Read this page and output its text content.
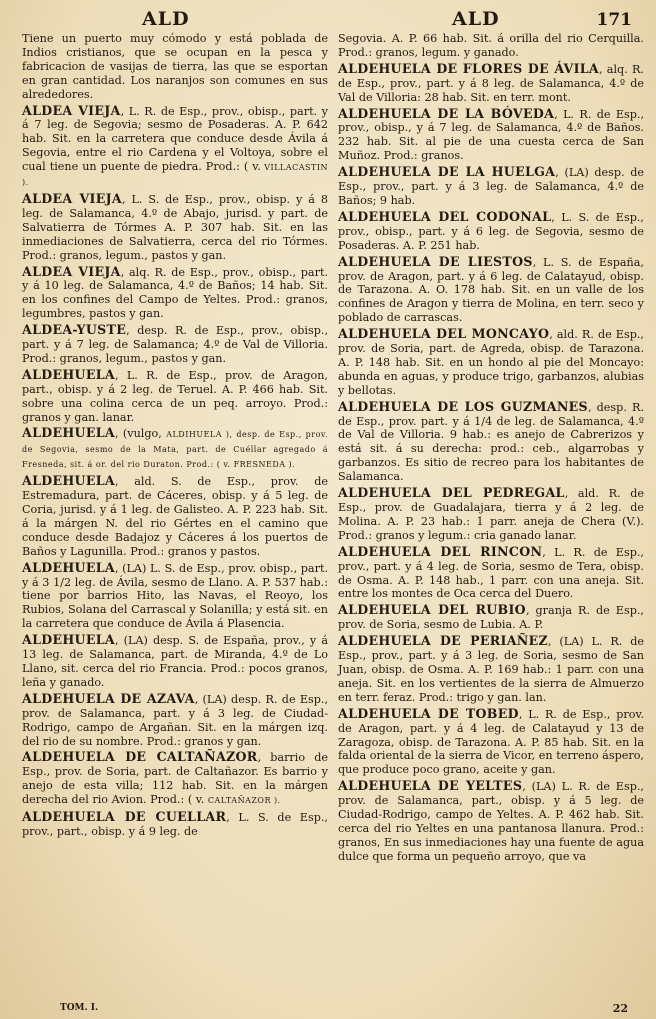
ALD	ALD	171

Tiene un puerto muy cómodo y está poblada de Indios cristianos, que se ocupan en la pesca y fabricacion de vasijas de tierra, las que se esportan en gran cantidad. Los naranjos son comunes en sus alrededores.

ALDEA VIEJA, L. R. de Esp., prov., obisp., part. y á 7 leg. de Segovia; sesmo de Posaderas. A. P. 642 hab. Sit. en la carretera que conduce desde Ávila á Segovia, entre el rio Cardena y el Voltoya, sobre el cual tiene un puente de piedra. Prod.: ( v. VILLACASTIN ).

ALDEA VIEJA, L. S. de Esp., prov., obisp. y á 8 leg. de Salamanca, 4.º de Abajo, jurisd. y part. de Salvatierra de Tórmes A. P. 307 hab. Sit. en las inmediaciones de Salvatierra, cerca del rio Tórmes. Prod.: granos, legum., pastos y gan.

ALDEA VIEJA, alq. R. de Esp., prov., obisp., part. y á 10 leg. de Salamanca, 4.º de Baños; 14 hab. Sit. en los confines del Campo de Yeltes. Prod.: granos, legumbres, pastos y gan.

ALDEA-YUSTE, desp. R. de Esp., prov., obisp., part. y á 7 leg. de Salamanca; 4.º de Val de Villoria. Prod.: granos, legum., pastos y gan.

ALDEHUELA, L. R. de Esp., prov. de Aragon, part., obisp. y á 2 leg. de Teruel. A. P. 466 hab. Sit. sobre una colina cerca de un peq. arroyo. Prod.: granos y gan. lanar.

ALDEHUELA, (vulgo, ALDIHUELA ), desp. de Esp., prov. de Segovia, sesmo de la Mata, part. de Cuéllar agregado á Fresneda, sit. á or. del rio Duraton. Prod.: ( v. FRESNEDA ).

ALDEHUELA, ald. S. de Esp., prov. de Estremadura, part. de Cáceres, obisp. y á 5 leg. de Coria, jurisd. y á 1 leg. de Galisteo. A. P. 223 hab. Sit. á la márgen N. del rio Gértes en el camino que conduce desde Badajoz y Cáceres á los puertos de Baños y Lagunilla. Prod.: granos y pastos.

ALDEHUELA, (LA) L. S. de Esp., prov. obisp., part. y á 3 1/2 leg. de Ávila, sesmo de Llano. A. P. 537 hab.: tiene por barrios Hito, las Navas, el Reoyo, los Rubios, Solana del Carrascal y Solanilla; y está sit. en la carretera que conduce de Ávila á Plasencia.

ALDEHUELA, (LA) desp. S. de España, prov., y á 13 leg. de Salamanca, part. de Miranda, 4.º de Lo Llano, sit. cerca del rio Francia. Prod.: pocos granos, leña y ganado.

ALDEHUELA DE AZAVA, (LA) desp. R. de Esp., prov. de Salamanca, part. y á 3 leg. de Ciudad-Rodrigo, campo de Argañan. Sit. en la márgen izq. del rio de su nombre. Prod.: granos y gan.

ALDEHUELA DE CALTAÑAZOR, barrio de Esp., prov. de Soria, part. de Caltañazor. Es barrio y anejo de esta villa; 112 hab. Sit. en la márgen derecha del rio Avion. Prod.: ( v. CALTAÑAZOR ).

ALDEHUELA DE CUELLAR, L. S. de Esp., prov., part., obisp. y á 9 leg. de

Segovia. A. P. 66 hab. Sit. á orilla del rio Cerquilla. Prod.: granos, legum. y ganado.

ALDEHUELA DE FLORES DE ÁVILA, alq. R. de Esp., prov., part. y á 8 leg. de Salamanca, 4.º de Val de Villoria: 28 hab. Sit. en terr. mont.

ALDEHUELA DE LA BÓVEDA, L. R. de Esp., prov., obisp., y á 7 leg. de Salamanca, 4.º de Baños. 232 hab. Sit. al pie de una cuesta cerca de San Muñoz. Prod.: granos.

ALDEHUELA DE LA HUELGA, (LA) desp. de Esp., prov., part. y á 3 leg. de Salamanca, 4.º de Baños; 9 hab.

ALDEHUELA DEL CODONAL, L. S. de Esp., prov., obisp., part. y á 6 leg. de Segovia, sesmo de Posaderas. A. P. 251 hab.

ALDEHUELA DE LIESTOS, L. S. de España, prov. de Aragon, part. y á 6 leg. de Calatayud, obisp. de Tarazona. A. O. 178 hab. Sit. en un valle de los confines de Aragon y tierra de Molina, en terr. seco y poblado de carrascas.

ALDEHUELA DEL MONCAYO, ald. R. de Esp., prov. de Soria, part. de Agreda, obisp. de Tarazona. A. P. 148 hab. Sit. en un hondo al pie del Moncayo: abunda en aguas, y produce trigo, garbanzos, alubias y bellotas.

ALDEHUELA DE LOS GUZMANES, desp. R. de Esp., prov. part. y á 1/4 de leg. de Salamanca, 4.º de Val de Villoria. 9 hab.: es anejo de Cabrerizos y está sit. á su derecha: prod.: ceb., algarrobas y garbanzos. Es sitio de recreo para los habitantes de Salamanca.

ALDEHUELA DEL PEDREGAL, ald. R. de Esp., prov. de Guadalajara, tierra y á 2 leg. de Molina. A. P. 23 hab.: 1 parr. aneja de Chera (V.). Prod.: granos y legum.: cria ganado lanar.

ALDEHUELA DEL RINCON, L. R. de Esp., prov., part. y á 4 leg. de Soria, sesmo de Tera, obisp. de Osma. A. P. 148 hab., 1 parr. con una aneja. Sit. entre los montes de Oca cerca del Duero.

ALDEHUELA DEL RUBIO, granja R. de Esp., prov. de Soria, sesmo de Lubia. A. P.

ALDEHUELA DE PERIAÑEZ, (LA) L. R. de Esp., prov., part. y á 3 leg. de Soria, sesmo de San Juan, obisp. de Osma. A. P. 169 hab.: 1 parr. con una aneja. Sit. en los vertientes de la sierra de Almuerzo en terr. feraz. Prod.: trigo y gan. lan.

ALDEHUELA DE TOBED, L. R. de Esp., prov. de Aragon, part. y á 4 leg. de Calatayud y 13 de Zaragoza, obisp. de Tarazona. A. P. 85 hab. Sit. en la falda oriental de la sierra de Vicor, en terreno áspero, que produce poco grano, aceite y gan.

ALDEHUELA DE YELTES, (LA) L. R. de Esp., prov. de Salamanca, part., obisp. y á 5 leg. de Ciudad-Rodrigo, campo de Yeltes. A. P. 462 hab. Sit. cerca del rio Yeltes en una pantanosa llanura. Prod.: granos, En sus inmediaciones hay una fuente de agua dulce que forma un pequeño arroyo, que va

TOM. I.	22
